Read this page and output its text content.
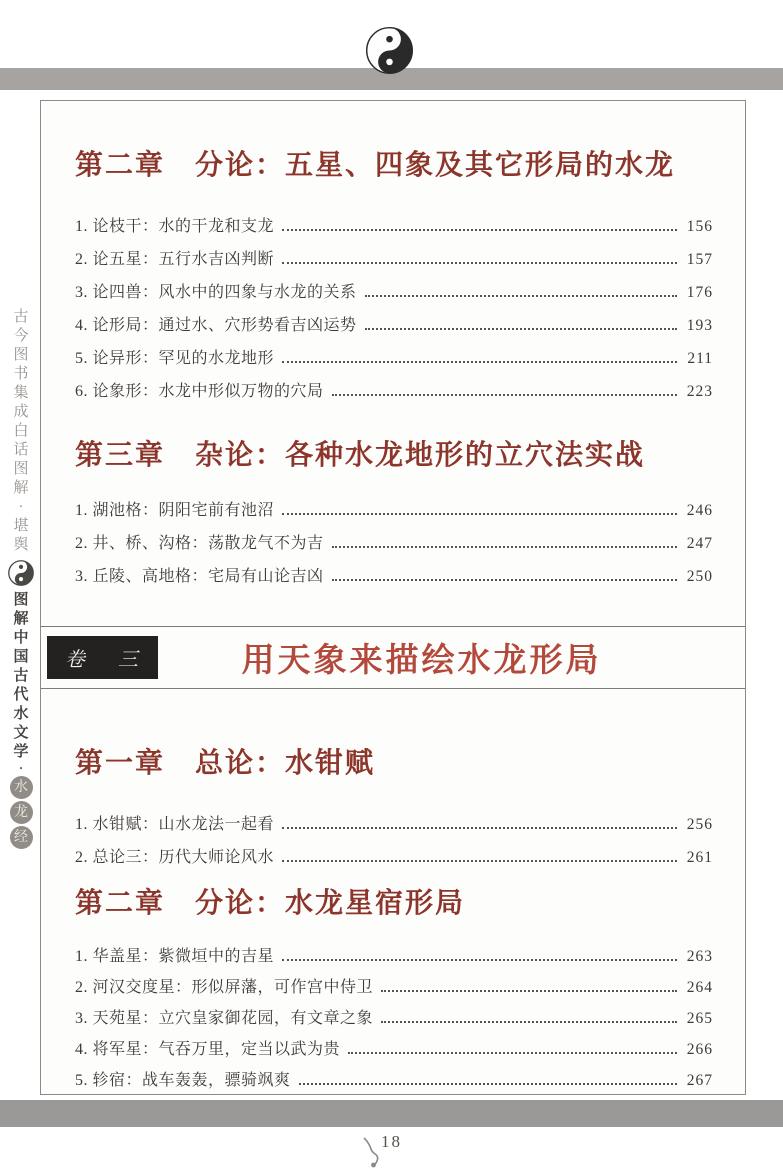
古
今
图
书
集
成
白
话
图
解
·
堪
舆
图
解
中
国
古
代
水
文
学
·
水
龙
经
第二章　分论：五星、四象及其它形局的水龙
1. 论枝干：水的干龙和支龙	156
2. 论五星：五行水吉凶判断	157
3. 论四兽：风水中的四象与水龙的关系	176
4. 论形局：通过水、穴形势看吉凶运势	193
5. 论异形：罕见的水龙地形	211
6. 论象形：水龙中形似万物的穴局	223
第三章　杂论：各种水龙地形的立穴法实战
1. 湖池格：阴阳宅前有池沼	246
2. 井、桥、沟格：荡散龙气不为吉	247
3. 丘陵、高地格：宅局有山论吉凶	250
卷 三	用天象来描绘水龙形局
第一章　总论：水钳赋
1. 水钳赋：山水龙法一起看	256
2. 总论三：历代大师论风水	261
第二章　分论：水龙星宿形局
1. 华盖星：紫微垣中的吉星	263
2. 河汉交度星：形似屏藩，可作宫中侍卫	264
3. 天苑星：立穴皇家御花园，有文章之象	265
4. 将军星：气吞万里，定当以武为贵	266
5. 轸宿：战车轰轰，骠骑飒爽	267
18
